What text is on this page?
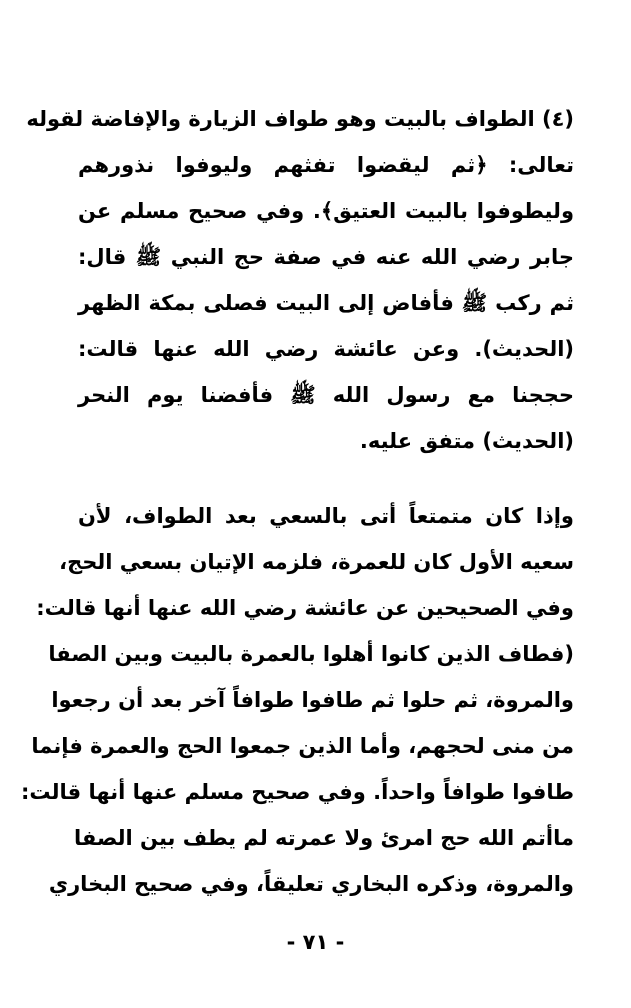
(٤) الطواف بالبيت وهو طواف الزيارة والإفاضة لقوله
تعالى: ﴿ثم ليقضوا تفثهم وليوفوا نذورهم
وليطوفوا بالبيت العتيق﴾. وفي صحيح مسلم عن
جابر رضي الله عنه في صفة حج النبي ﷺ قال:
ثم ركب ﷺ فأفاض إلى البيت فصلى بمكة الظهر
(الحديث). وعن عائشة رضي الله عنها قالت:
حججنا مع رسول الله ﷺ فأفضنا يوم النحر
(الحديث) متفق عليه.
وإذا كان متمتعاً أتى بالسعي بعد الطواف، لأن
سعيه الأول كان للعمرة، فلزمه الإتيان بسعي الحج،
وفي الصحيحين عن عائشة رضي الله عنها أنها قالت:
(فطاف الذين كانوا أهلوا بالعمرة بالبيت وبين الصفا
والمروة، ثم حلوا ثم طافوا طوافاً آخر بعد أن رجعوا
من منى لحجهم، وأما الذين جمعوا الحج والعمرة فإنما
طافوا طوافاً واحداً. وفي صحيح مسلم عنها أنها قالت:
ماأتم الله حج امرئ ولا عمرته لم يطف بين الصفا
والمروة، وذكره البخاري تعليقاً، وفي صحيح البخاري
- ٧١ -
